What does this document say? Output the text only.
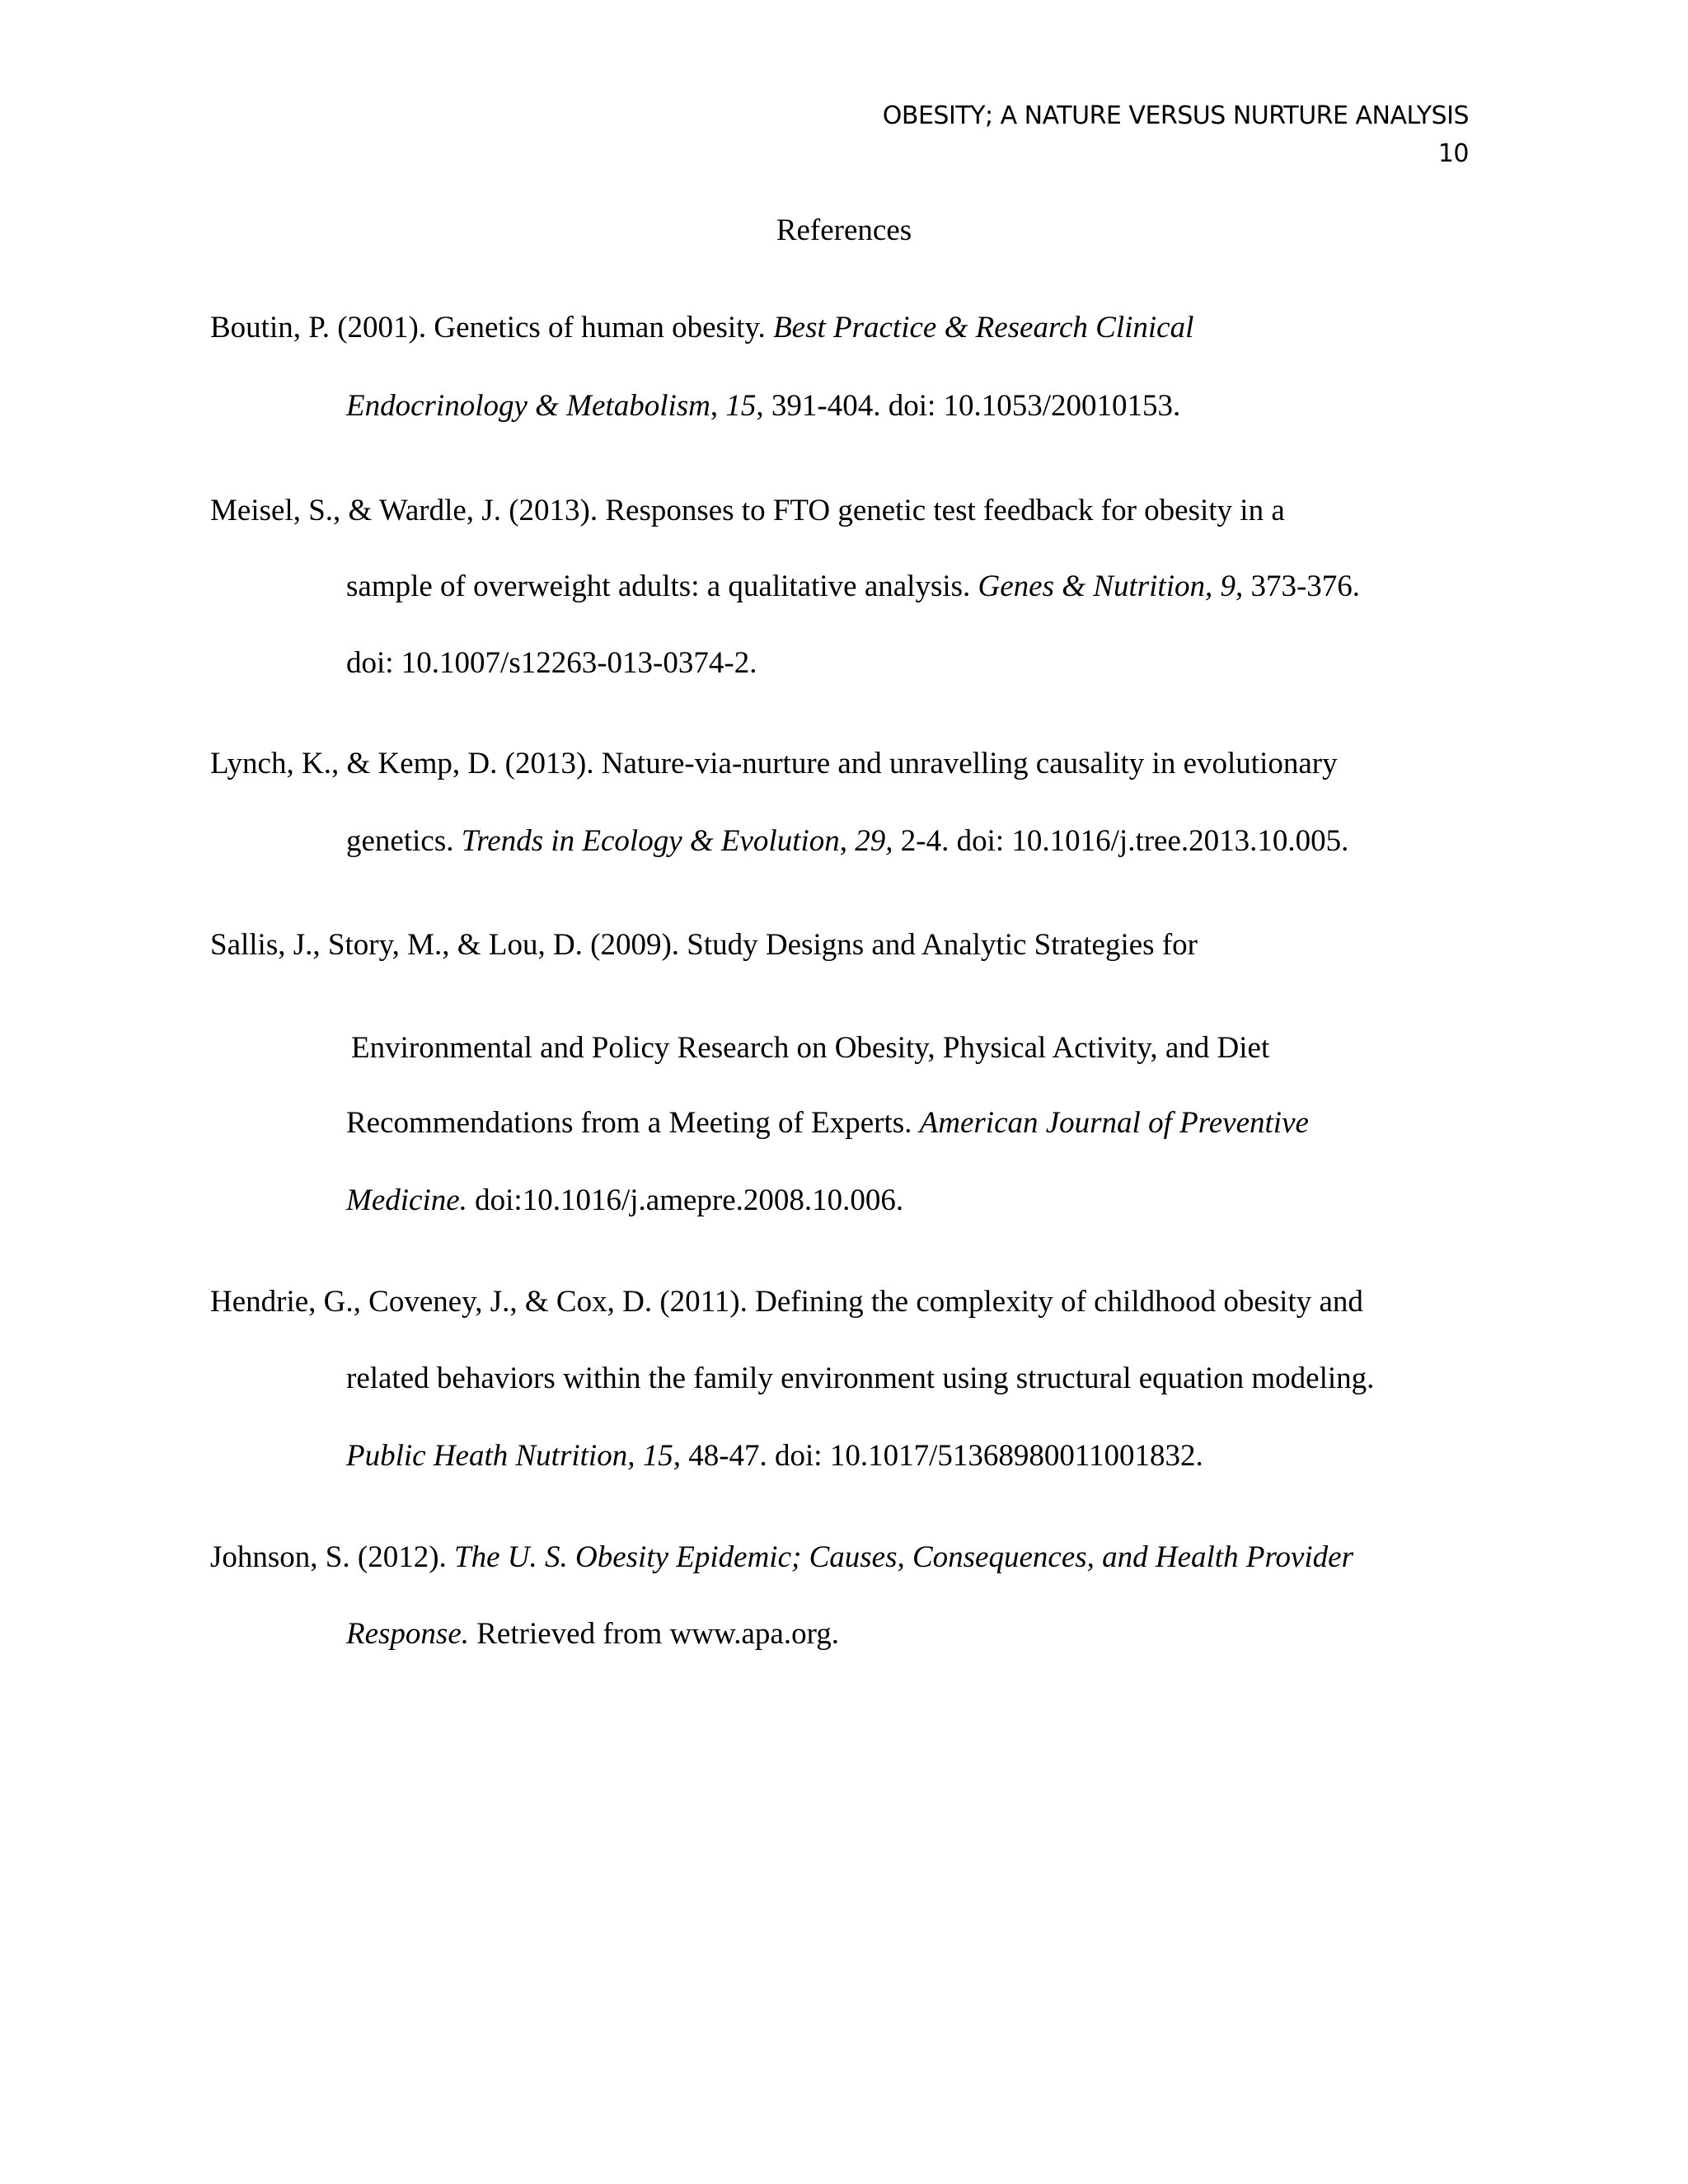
OBESITY; A NATURE VERSUS NURTURE ANALYSIS
10
References
Boutin, P. (2001). Genetics of human obesity. Best Practice & Research Clinical
Endocrinology & Metabolism, 15, 391-404. doi: 10.1053/20010153.
Meisel, S., & Wardle, J. (2013). Responses to FTO genetic test feedback for obesity in a
sample of overweight adults: a qualitative analysis. Genes & Nutrition, 9, 373-376.
doi: 10.1007/s12263-013-0374-2.
Lynch, K., & Kemp, D. (2013). Nature-via-nurture and unravelling causality in evolutionary
genetics. Trends in Ecology & Evolution, 29, 2-4. doi: 10.1016/j.tree.2013.10.005.
Sallis, J., Story, M., & Lou, D. (2009). Study Designs and Analytic Strategies for
Environmental and Policy Research on Obesity, Physical Activity, and Diet
Recommendations from a Meeting of Experts. American Journal of Preventive
Medicine. doi:10.1016/j.amepre.2008.10.006.
Hendrie, G., Coveney, J., & Cox, D. (2011). Defining the complexity of childhood obesity and
related behaviors within the family environment using structural equation modeling.
Public Heath Nutrition, 15, 48-47. doi: 10.1017/51368980011001832.
Johnson, S. (2012). The U. S. Obesity Epidemic; Causes, Consequences, and Health Provider
Response. Retrieved from www.apa.org.
